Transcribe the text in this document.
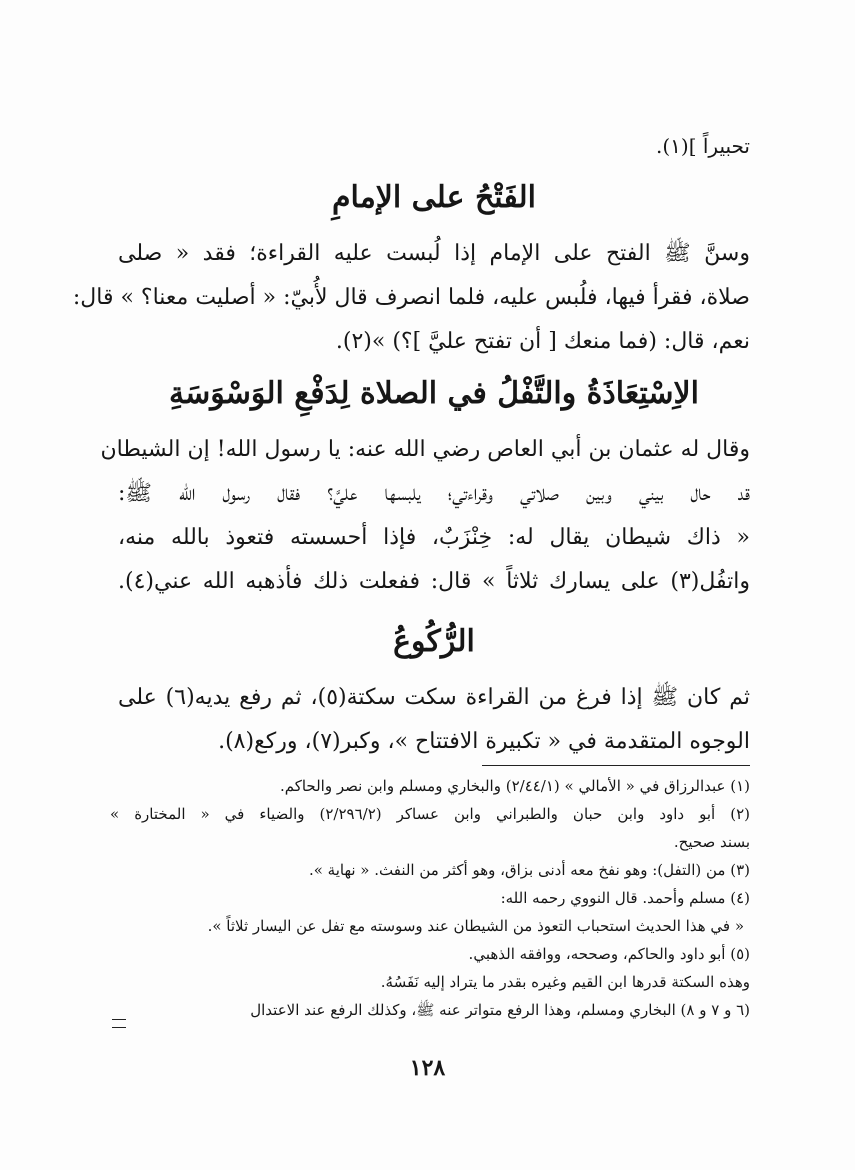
تحبيراً ](١).
الفَتْحُ على الإمامِ
وسنَّ ﷺ الفتح على الإمام إذا لُبست عليه القراءة؛ فقد « صلى
صلاة، فقرأ فيها، فلُبس عليه، فلما انصرف قال لأُبيّ: « أصليت معنا؟ » قال:
نعم، قال: (فما منعك [ أن تفتح عليَّ ]؟) »(٢).
الاِسْتِعَاذَةُ والتَّفْلُ في الصلاة لِدَفْعِ الوَسْوَسَةِ
وقال له عثمان بن أبي العاص رضي الله عنه: يا رسول الله! إن الشيطان
قد حال بيني وبين صلاتي وقراءتي؛ يلبسها عليَّ؟ فقال رسول الله ﷺ:
« ذاك شيطان يقال له: خِنْزَبٌ، فإذا أحسسته فتعوذ بالله منه،
واتفُل(٣) على يسارك ثلاثاً » قال: ففعلت ذلك فأذهبه الله عني(٤).
الرُّكُوعُ
ثم كان ﷺ إذا فرغ من القراءة سكت سكتة(٥)، ثم رفع يديه(٦) على
الوجوه المتقدمة في « تكبيرة الافتتاح »، وكبر(٧)، وركع(٨).
(١) عبدالرزاق في « الأمالي » (٢/٤٤/١) والبخاري ومسلم وابن نصر والحاكم.
(٢) أبو داود وابن حبان والطبراني وابن عساكر (٢/٢٩٦/٢) والضياء في « المختارة »
بسند صحيح.
(٣) من (التفل): وهو نفخ معه أدنى بزاق، وهو أكثر من النفث. « نهاية ».
(٤) مسلم وأحمد. قال النووي رحمه الله:
« في هذا الحديث استحباب التعوذ من الشيطان عند وسوسته مع تفل عن اليسار ثلاثاً ».
(٥) أبو داود والحاكم، وصححه، ووافقه الذهبي.
وهذه السكتة قدرها ابن القيم وغيره بقدر ما يتراد إليه نَفَسُهُ.
(٦ و ٧ و ٨) البخاري ومسلم، وهذا الرفع متواتر عنه ﷺ، وكذلك الرفع عند الاعتدال
١٢٨
